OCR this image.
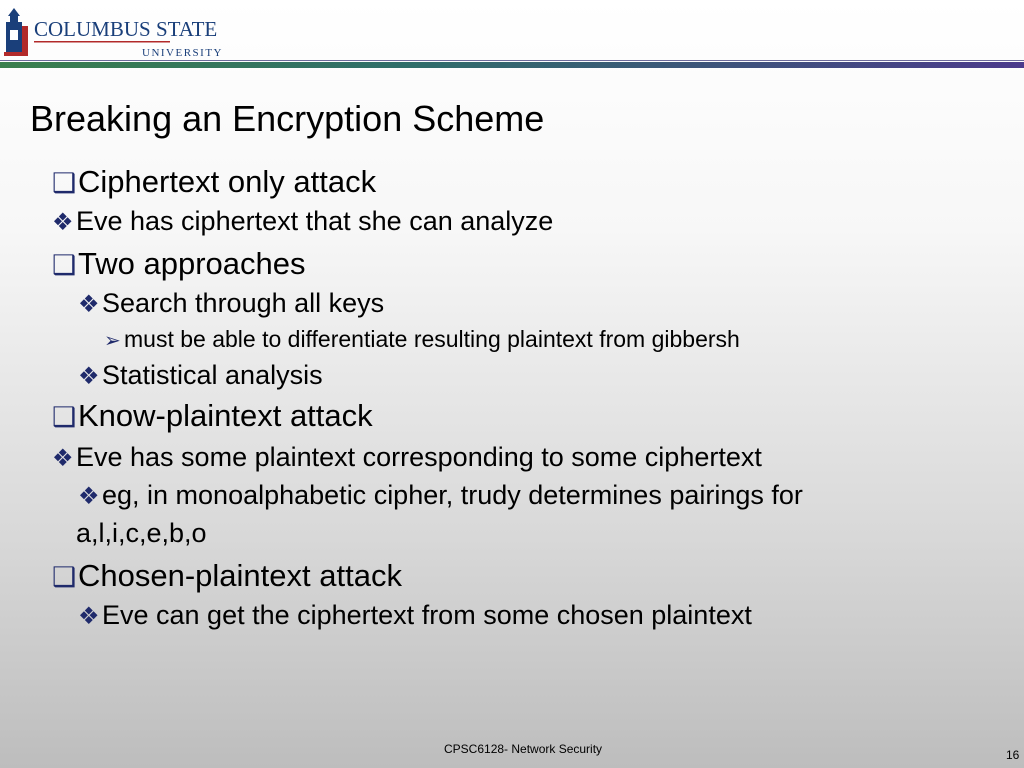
COLUMBUS STATE
UNIVERSITY
Breaking an Encryption Scheme
❑Ciphertext only attack
❖Eve has ciphertext that she can analyze
❑Two approaches
❖Search through all keys
➢ must be able to differentiate resulting plaintext from gibbersh
❖Statistical analysis
❑Know-plaintext attack
❖Eve has some plaintext corresponding to some ciphertext
❖eg, in monoalphabetic cipher, trudy determines pairings for
a,l,i,c,e,b,o
❑Chosen-plaintext attack
❖Eve can get the ciphertext from some chosen plaintext
CPSC6128- Network Security	16
